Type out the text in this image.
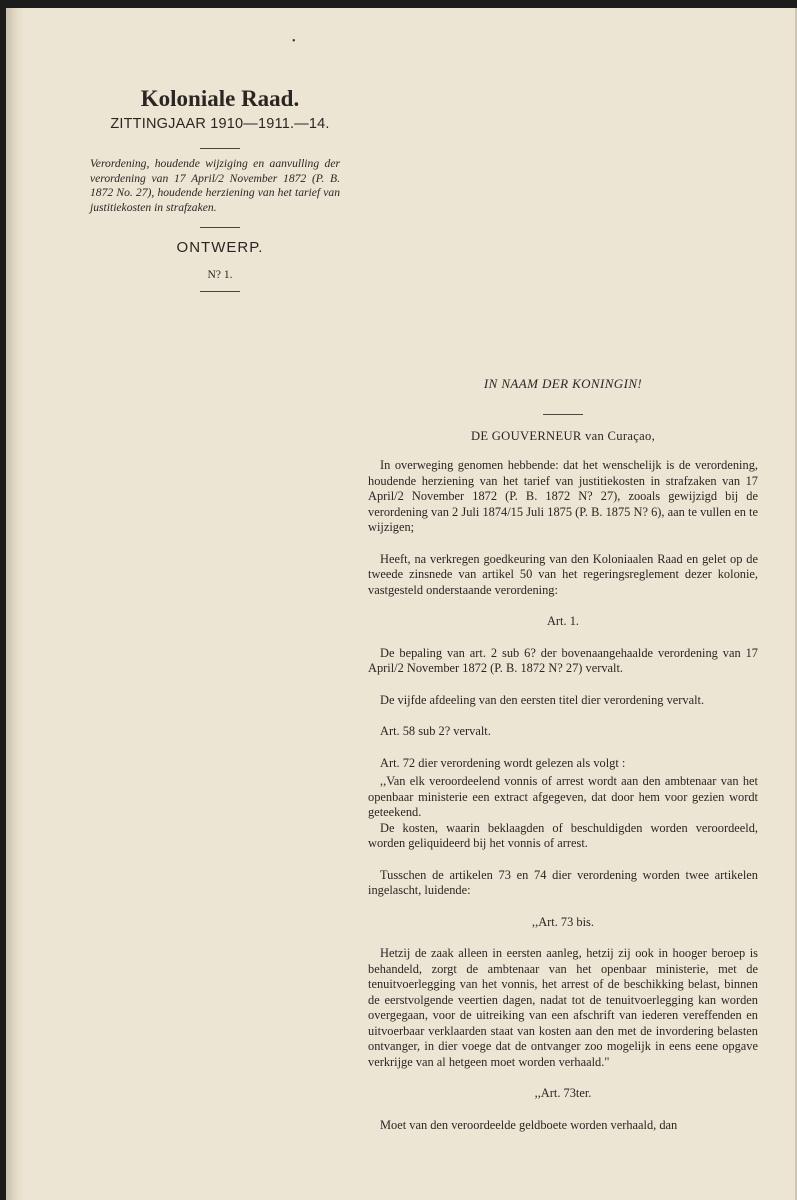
•
Koloniale Raad.
ZITTINGJAAR 1910—1911.—14.
Verordening, houdende wijziging en aanvulling der verordening van 17 April/2 November 1872 (P. B. 1872 No. 27), houdende herziening van het tarief van justitiekosten in strafzaken.
ONTWERP.
N? 1.
IN NAAM DER KONINGIN!
DE GOUVERNEUR van Curaçao,

In overweging genomen hebbende: dat het wenschelijk is de verordening, houdende herziening van het tarief van justitiekosten in strafzaken van 17 April/2 November 1872 (P. B. 1872 N? 27), zooals gewijzigd bij de verordening van 2 Juli 1874/15 Juli 1875 (P. B. 1875 N? 6), aan te vullen en te wijzigen;

Heeft, na verkregen goedkeuring van den Koloniaalen Raad en gelet op de tweede zinsnede van artikel 50 van het regeringsreglement dezer kolonie, vastgesteld onderstaande verordening:

Art. 1.

De bepaling van art. 2 sub 6? der bovenaangehaalde verordening van 17 April/2 November 1872 (P. B. 1872 N? 27) vervalt.

De vijfde afdeeling van den eersten titel dier verordening vervalt.

Art. 58 sub 2? vervalt.

Art. 72 dier verordening wordt gelezen als volgt :

,,Van elk veroordeelend vonnis of arrest wordt aan den ambtenaar van het openbaar ministerie een extract afgegeven, dat door hem voor gezien wordt geteekend.

De kosten, waarin beklaagden of beschuldigden worden veroordeeld, worden geliquideerd bij het vonnis of arrest.

Tusschen de artikelen 73 en 74 dier verordening worden twee artikelen ingelascht, luidende:

,,Art. 73 bis.

Hetzij de zaak alleen in eersten aanleg, hetzij zij ook in hooger beroep is behandeld, zorgt de ambtenaar van het openbaar ministerie, met de tenuitvoerlegging van het vonnis, het arrest of de beschikking belast, binnen de eerstvolgende veertien dagen, nadat tot de tenuitvoerlegging kan worden overgegaan, voor de uitreiking van een afschrift van iederen vereffenden en uitvoerbaar verklaarden staat van kosten aan den met de invordering belasten ontvanger, in dier voege dat de ontvanger zoo mogelijk in eens eene opgave verkrijge van al hetgeen moet worden verhaald."

,,Art. 73ter.

Moet van den veroordeelde geldboete worden verhaald, dan
